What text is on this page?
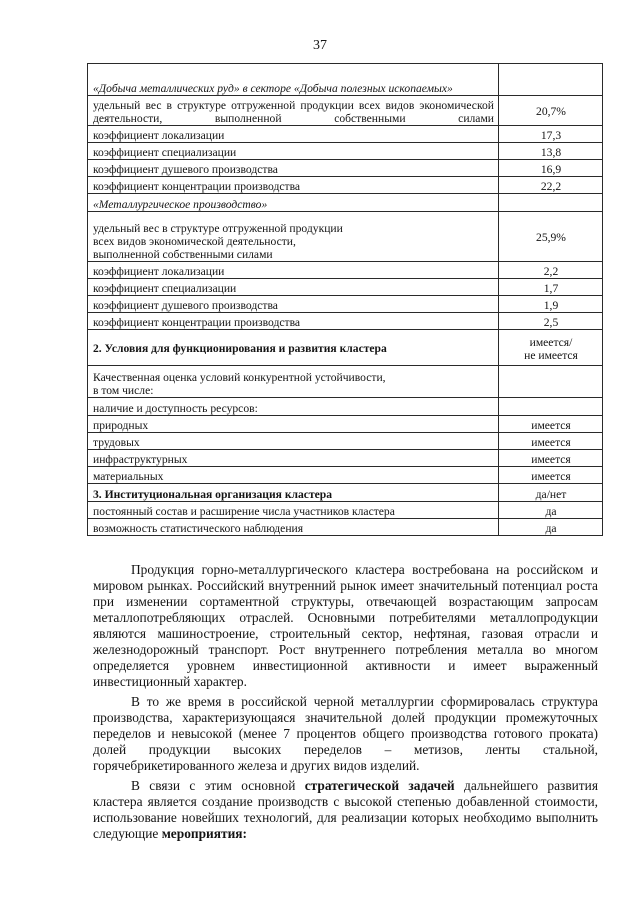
37
«Добыча металлических руд» в секторе «Добыча полезных ископаемых»	
удельный вес в структуре отгруженной продукции всех видов экономической деятельности, выполненной собственными силами	20,7%
коэффициент локализации	17,3
коэффициент специализации	13,8
коэффициент душевого производства	16,9
коэффициент концентрации производства	22,2
«Металлургическое производство»	
удельный вес в структуре отгруженной продукции
всех видов экономической деятельности,
выполненной собственными силами	25,9%
коэффициент локализации	2,2
коэффициент специализации	1,7
коэффициент душевого производства	1,9
коэффициент концентрации производства	2,5
2. Условия для функционирования и развития кластера	имеется/
не имеется
Качественная оценка условий конкурентной устойчивости,
в том числе:	
наличие и доступность ресурсов:	
природных	имеется
трудовых	имеется
инфраструктурных	имеется
материальных	имеется
3. Институциональная организация кластера	да/нет
постоянный состав и расширение числа участников кластера	да
возможность статистического наблюдения	да

Продукция горно-металлургического кластера востребована на российском и мировом рынках. Российский внутренний рынок имеет значительный потенциал роста при изменении сортаментной структуры, отвечающей возрастающим запросам металлопотребляющих отраслей. Основными потребителями металлопродукции являются машиностроение, строительный сектор, нефтяная, газовая отрасли и железнодорожный транспорт. Рост внутреннего потребления металла во многом определяется уровнем инвестиционной активности и имеет выраженный инвестиционный характер.

В то же время в российской черной металлургии сформировалась структура производства, характеризующаяся значительной долей продукции промежуточных переделов и невысокой (менее 7 процентов общего производства готового проката) долей продукции высоких переделов – метизов, ленты стальной, горячебрикетированного железа и других видов изделий.

В связи с этим основной стратегической задачей дальнейшего развития кластера является создание производств с высокой степенью добавленной стоимости, использование новейших технологий, для реализации которых необходимо выполнить следующие мероприятия:
